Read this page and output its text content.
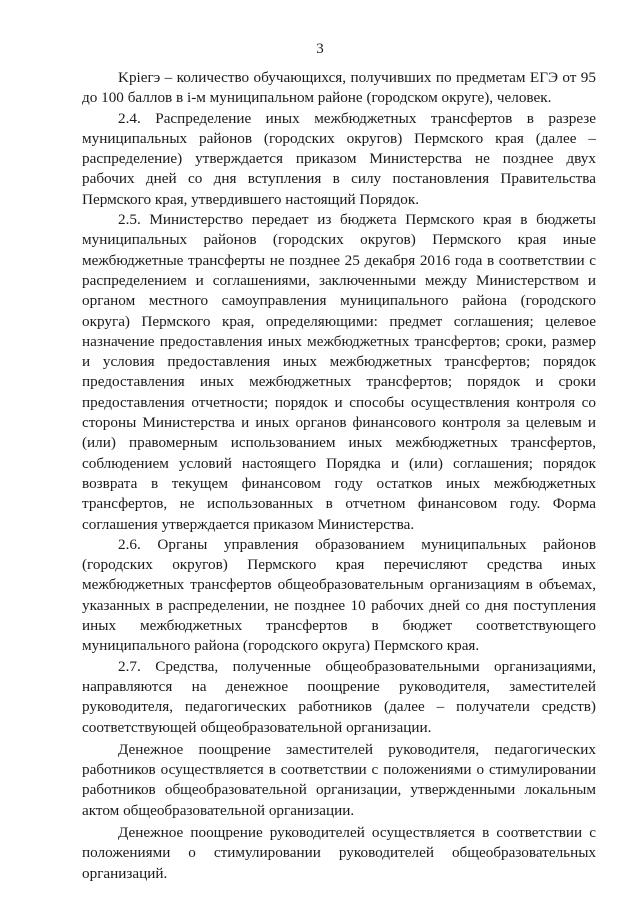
3

Kрiегэ – количество обучающихся, получивших по предметам ЕГЭ от 95 до 100 баллов в i-м муниципальном районе (городском округе), человек.

2.4. Распределение иных межбюджетных трансфертов в разрезе муниципальных районов (городских округов) Пермского края (далее – распределение) утверждается приказом Министерства не позднее двух рабочих дней со дня вступления в силу постановления Правительства Пермского края, утвердившего настоящий Порядок.

2.5. Министерство передает из бюджета Пермского края в бюджеты муниципальных районов (городских округов) Пермского края иные межбюджетные трансферты не позднее 25 декабря 2016 года в соответствии с распределением и соглашениями, заключенными между Министерством и органом местного самоуправления муниципального района (городского округа) Пермского края, определяющими: предмет соглашения; целевое назначение предоставления иных межбюджетных трансфертов; сроки, размер и условия предоставления иных межбюджетных трансфертов; порядок предоставления иных межбюджетных трансфертов; порядок и сроки предоставления отчетности; порядок и способы осуществления контроля со стороны Министерства и иных органов финансового контроля за целевым и (или) правомерным использованием иных межбюджетных трансфертов, соблюдением условий настоящего Порядка и (или) соглашения; порядок возврата в текущем финансовом году остатков иных межбюджетных трансфертов, не использованных в отчетном финансовом году. Форма соглашения утверждается приказом Министерства.

2.6. Органы управления образованием муниципальных районов (городских округов) Пермского края перечисляют средства иных межбюджетных трансфертов общеобразовательным организациям в объемах, указанных в распределении, не позднее 10 рабочих дней со дня поступления иных межбюджетных трансфертов в бюджет соответствующего муниципального района (городского округа) Пермского края.

2.7. Средства, полученные общеобразовательными организациями, направляются на денежное поощрение руководителя, заместителей руководителя, педагогических работников (далее – получатели средств) соответствующей общеобразовательной организации.

Денежное поощрение заместителей руководителя, педагогических работников осуществляется в соответствии с положениями о стимулировании работников общеобразовательной организации, утвержденными локальным актом общеобразовательной организации.

Денежное поощрение руководителей осуществляется в соответствии с положениями о стимулировании руководителей общеобразовательных организаций.
